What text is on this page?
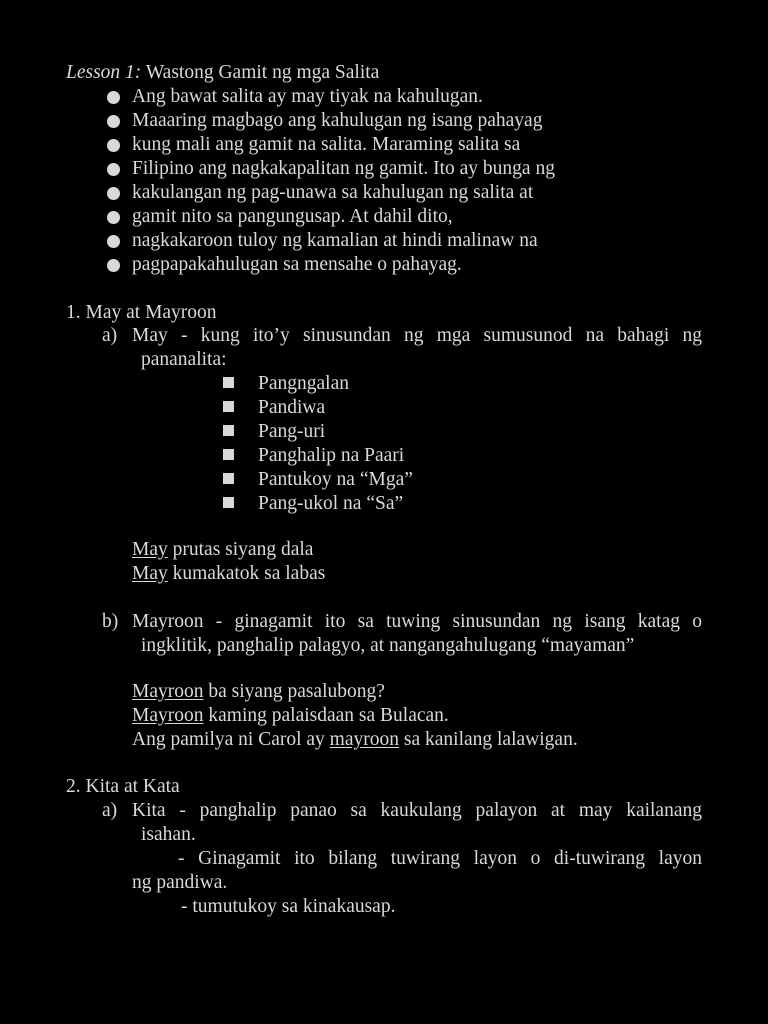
Lesson 1: Wastong Gamit ng mga Salita
Ang bawat salita ay may tiyak na kahulugan.
Maaaring magbago ang kahulugan ng isang pahayag
kung mali ang gamit na salita. Maraming salita sa
Filipino ang nagkakapalitan ng gamit. Ito ay bunga ng
kakulangan ng pag-unawa sa kahulugan ng salita at
gamit nito sa pangungusap. At dahil dito,
nagkakaroon tuloy ng kamalian at hindi malinaw na
pagpapakahulugan sa mensahe o pahayag.
1. May at Mayroon
a) May - kung ito’y sinusundan ng mga sumusunod na bahagi ng
pananalita:
Pangngalan
Pandiwa
Pang-uri
Panghalip na Paari
Pantukoy na “Mga”
Pang-ukol na “Sa”
May prutas siyang dala
May kumakatok sa labas
b) Mayroon - ginagamit ito sa tuwing sinusundan ng isang katag o
ingklitik, panghalip palagyo, at nangangahulugang “mayaman”
Mayroon ba siyang pasalubong?
Mayroon kaming palaisdaan sa Bulacan.
Ang pamilya ni Carol ay mayroon sa kanilang lalawigan.
2. Kita at Kata
a) Kita - panghalip panao sa kaukulang palayon at may kailanang
isahan.
- Ginagamit ito bilang tuwirang layon o di-tuwirang layon
ng pandiwa.
- tumutukoy sa kinakausap.
